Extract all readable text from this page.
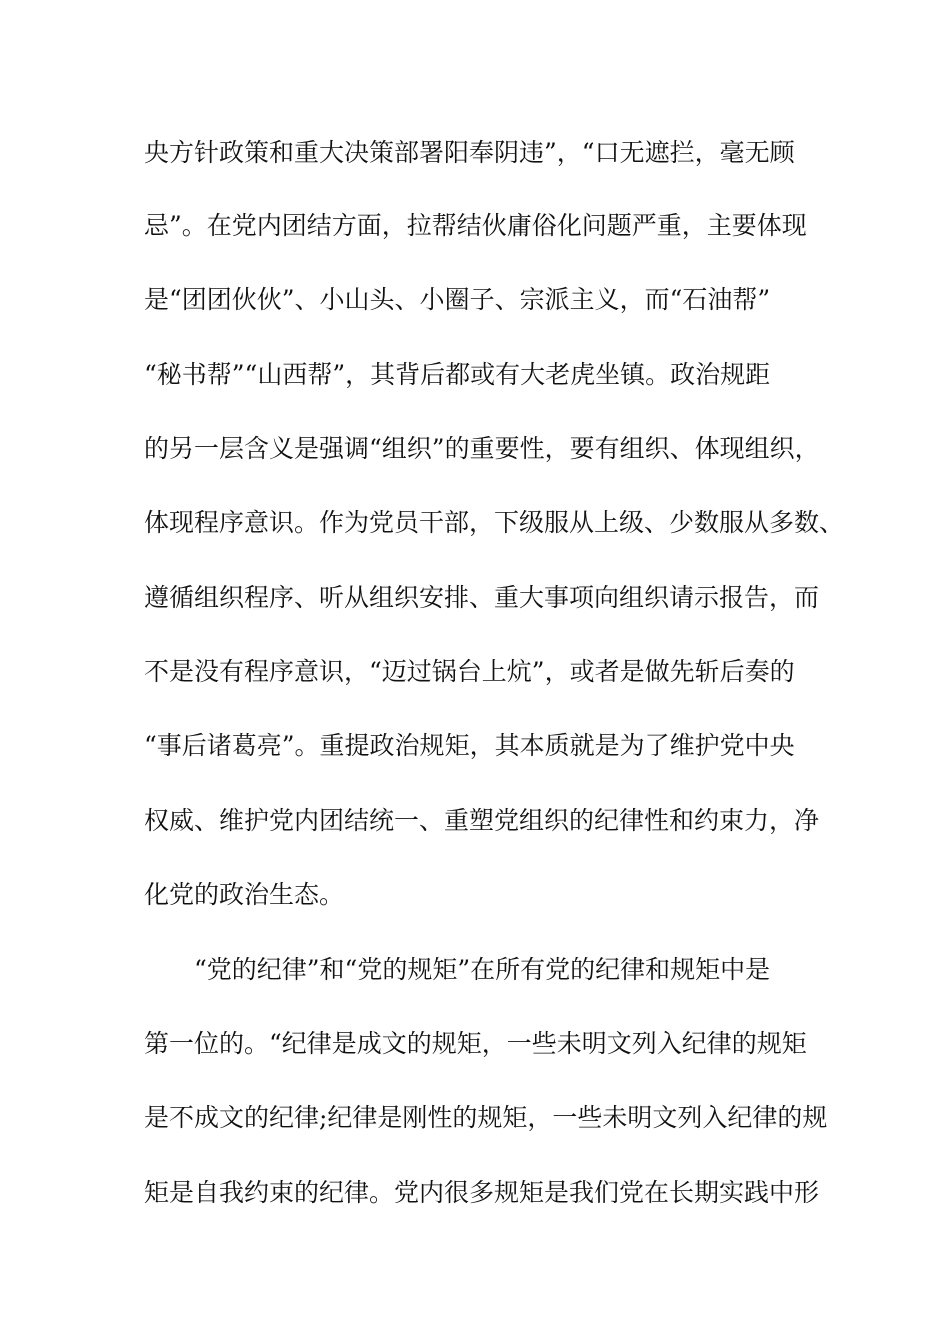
央方针政策和重大决策部署阳奉阴违”，“口无遮拦，毫无顾
忌”。在党内团结方面，拉帮结伙庸俗化问题严重，主要体现
是“团团伙伙”、小山头、小圈子、宗派主义，而“石油帮”
“秘书帮”“山西帮”，其背后都或有大老虎坐镇。政治规距
的另一层含义是强调“组织”的重要性，要有组织、体现组织，
体现程序意识。作为党员干部，下级服从上级、少数服从多数、
遵循组织程序、听从组织安排、重大事项向组织请示报告，而
不是没有程序意识，“迈过锅台上炕”，或者是做先斩后奏的
“事后诸葛亮”。重提政治规矩，其本质就是为了维护党中央
权威、维护党内团结统一、重塑党组织的纪律性和约束力，净
化党的政治生态。
“党的纪律”和“党的规矩”在所有党的纪律和规矩中是
第一位的。“纪律是成文的规矩，一些未明文列入纪律的规矩
是不成文的纪律;纪律是刚性的规矩，一些未明文列入纪律的规
矩是自我约束的纪律。党内很多规矩是我们党在长期实践中形
